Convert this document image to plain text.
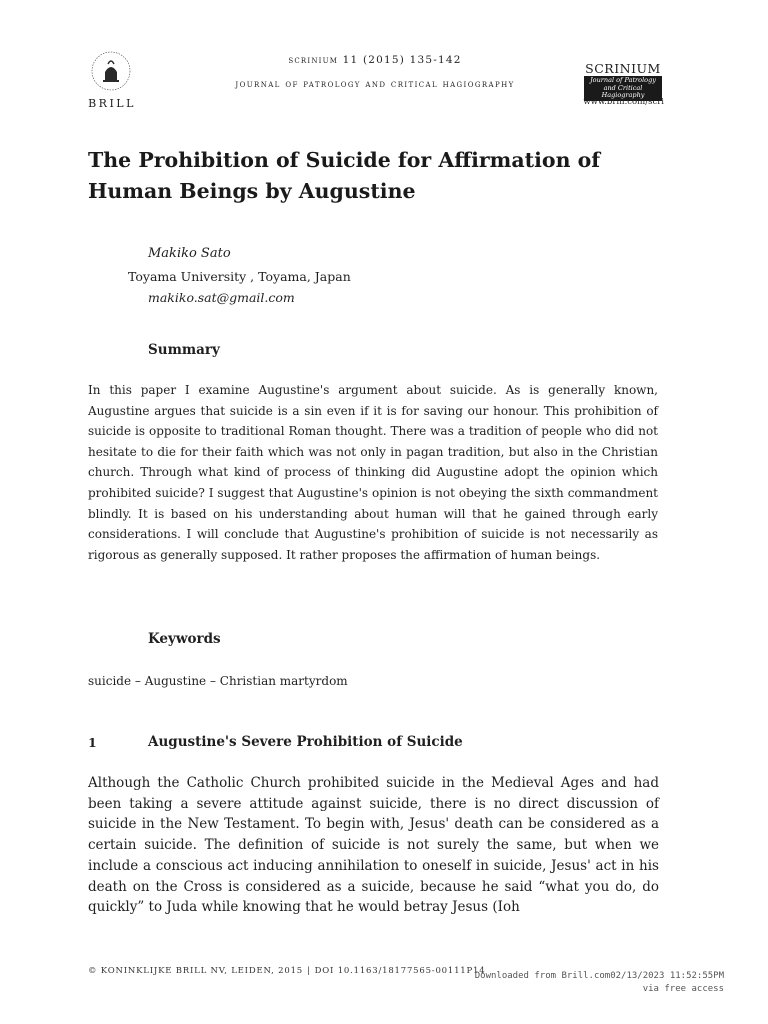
BRILL
scrinium 11 (2015) 135-142
journal of patrology and critical hagiography
SCRINIUM
Journal of Patrology and Critical Hagiography
www.brill.com/scri
The Prohibition of Suicide for Affirmation of Human Beings by Augustine
Makiko Sato
Toyama University , Toyama, Japan
makiko.sat@gmail.com
Summary

In this paper I examine Augustine's argument about suicide. As is generally known, Augustine argues that suicide is a sin even if it is for saving our honour. This prohibition of suicide is opposite to traditional Roman thought. There was a tradition of people who did not hesitate to die for their faith which was not only in pagan tradition, but also in the Christian church. Through what kind of process of thinking did Augustine adopt the opinion which prohibited suicide? I suggest that Augustine's opinion is not obeying the sixth commandment blindly. It is based on his understanding about human will that he gained through early considerations. I will conclude that Augustine's prohibition of suicide is not necessarily as rigorous as generally supposed. It rather proposes the affirmation of human beings.

Keywords
suicide – Augustine – Christian martyrdom
1	Augustine's Severe Prohibition of Suicide

Although the Catholic Church prohibited suicide in the Medieval Ages and had been taking a severe attitude against suicide, there is no direct discussion of suicide in the New Testament. To begin with, Jesus' death can be considered as a certain suicide. The definition of suicide is not surely the same, but when we include a conscious act inducing annihilation to oneself in suicide, Jesus' act in his death on the Cross is considered as a suicide, because he said “what you do, do quickly” to Juda while knowing that he would betray Jesus (Ioh

© KONINKLIJKE BRILL NV, LEIDEN, 2015 | DOI 10.1163/18177565-00111P14
Downloaded from Brill.com02/13/2023 11:52:55PM
via free access
